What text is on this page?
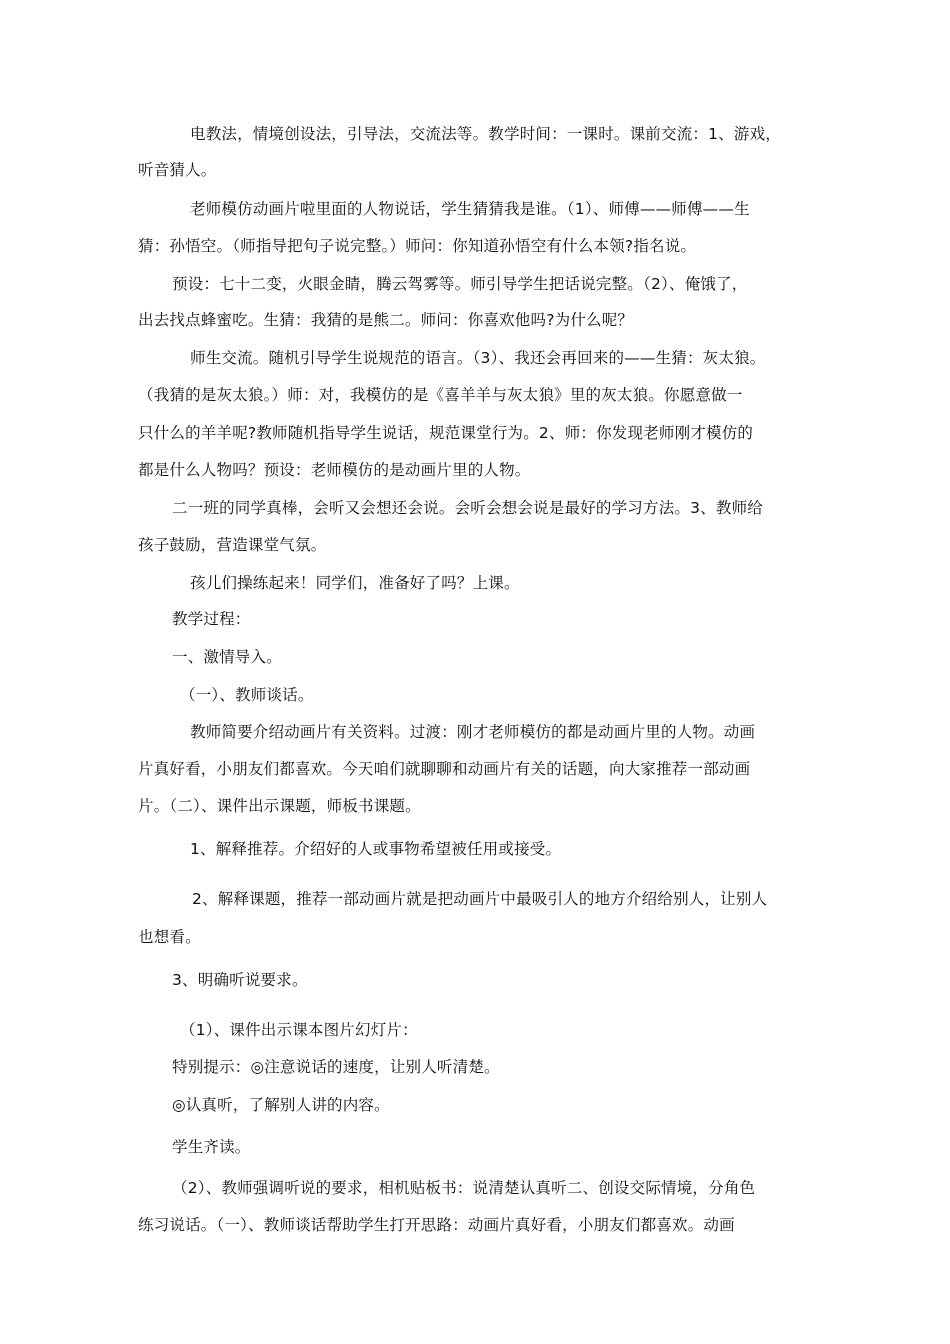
电教法，情境创设法，引导法，交流法等。教学时间：一课时。课前交流：1、游戏，
听音猜人。
老师模仿动画片啦里面的人物说话，学生猜猜我是谁。（1）、师傅——师傅——生
猜：孙悟空。（师指导把句子说完整。）师问：你知道孙悟空有什么本领?指名说。
预设：七十二变，火眼金睛，腾云驾雾等。师引导学生把话说完整。（2）、俺饿了，
出去找点蜂蜜吃。生猜：我猜的是熊二。师问：你喜欢他吗?为什么呢？
师生交流。随机引导学生说规范的语言。（3）、我还会再回来的——生猜：灰太狼。
（我猜的是灰太狼。）师：对，我模仿的是《喜羊羊与灰太狼》里的灰太狼。你愿意做一
只什么的羊羊呢?教师随机指导学生说话，规范课堂行为。2、师：你发现老师刚才模仿的
都是什么人物吗？预设：老师模仿的是动画片里的人物。
二一班的同学真棒，会听又会想还会说。会听会想会说是最好的学习方法。3、教师给
孩子鼓励，营造课堂气氛。
孩儿们操练起来！同学们，准备好了吗？上课。
教学过程：
一、激情导入。
（一）、教师谈话。
教师简要介绍动画片有关资料。过渡：刚才老师模仿的都是动画片里的人物。动画
片真好看，小朋友们都喜欢。今天咱们就聊聊和动画片有关的话题，向大家推荐一部动画
片。（二）、课件出示课题，师板书课题。
1、解释推荐。介绍好的人或事物希望被任用或接受。
2、解释课题，推荐一部动画片就是把动画片中最吸引人的地方介绍给别人，让别人
也想看。
3、明确听说要求。
（1）、课件出示课本图片幻灯片：
特别提示：◎注意说话的速度，让别人听清楚。
◎认真听，了解别人讲的内容。
学生齐读。
（2）、教师强调听说的要求，相机贴板书：说清楚认真听二、创设交际情境，分角色
练习说话。（一）、教师谈话帮助学生打开思路：动画片真好看，小朋友们都喜欢。动画
